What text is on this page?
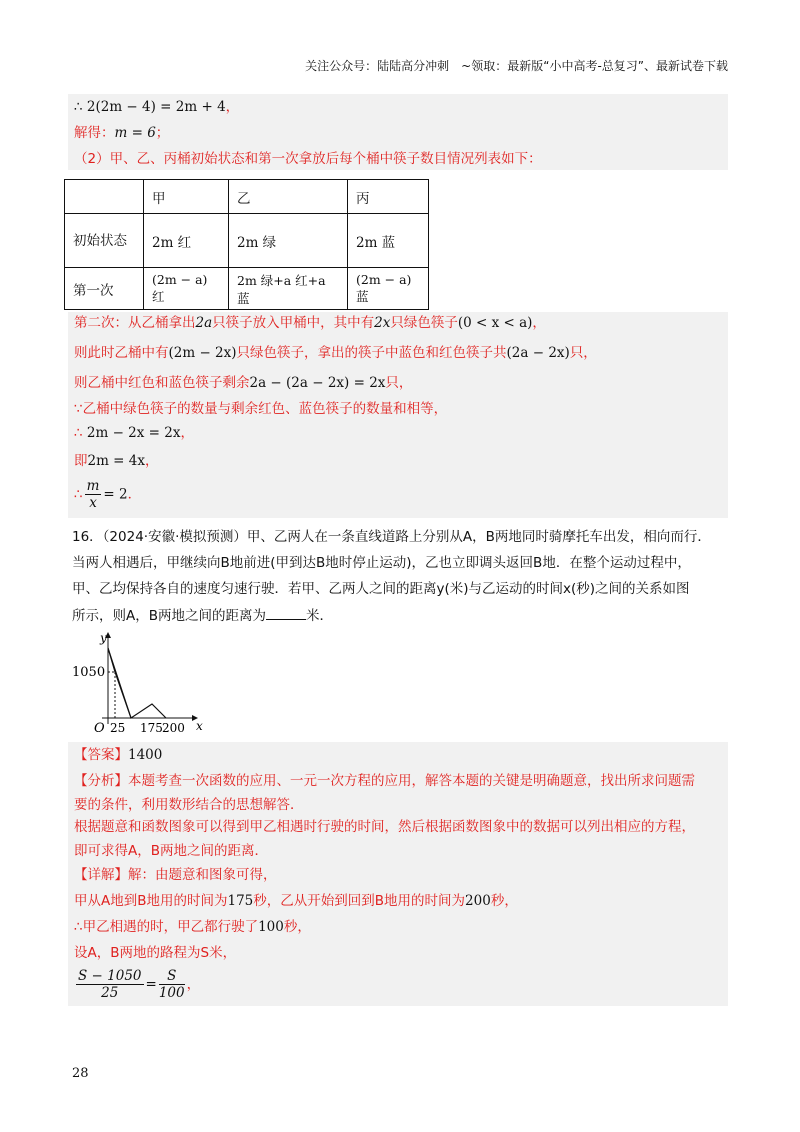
关注公众号：陆陆高分冲刺　~领取：最新版“小中高考-总复习”、最新试卷下载
∴ 2(2m − 4) = 2m + 4，
解得：m = 6；
（2）甲、乙、丙桶初始状态和第一次拿放后每个桶中筷子数目情况列表如下：
	甲	乙	丙
初始状态	2m 红	2m 绿	2m 蓝
第一次	(2m − a) 红	2m 绿+a 红+a 蓝	(2m − a) 蓝
第二次：从乙桶拿出2a只筷子放入甲桶中，其中有2x只绿色筷子(0 < x < a)，
则此时乙桶中有(2m − 2x)只绿色筷子，拿出的筷子中蓝色和红色筷子共(2a − 2x)只，
则乙桶中红色和蓝色筷子剩余2a − (2a − 2x) = 2x只，
∵乙桶中绿色筷子的数量与剩余红色、蓝色筷子的数量和相等，
∴ 2m − 2x = 2x，
即2m = 4x，
∴ $\frac{m}{x} = 2$．
16．（2024·安徽·模拟预测）甲、乙两人在一条直线道路上分别从A，B两地同时骑摩托车出发，相向而行．
当两人相遇后，甲继续向B地前进(甲到达B地时停止运动)，乙也立即调头返回B地．在整个运动过程中，
甲、乙均保持各自的速度匀速行驶．若甲、乙两人之间的距离y(米)与乙运动的时间x(秒)之间的关系如图
所示，则A，B两地之间的距离为	米．
y
x
O
1050
25 175 200
【答案】1400
【分析】本题考查一次函数的应用、一元一次方程的应用，解答本题的关键是明确题意，找出所求问题需
要的条件，利用数形结合的思想解答．
根据题意和函数图象可以得到甲乙相遇时行驶的时间，然后根据函数图象中的数据可以列出相应的方程，
即可求得A，B两地之间的距离．
【详解】解：由题意和图象可得，
甲从A地到B地用的时间为175秒，乙从开始到回到B地用的时间为200秒，
∴甲乙相遇的时，甲乙都行驶了100秒，
设A，B两地的路程为S米，
$\frac{S - 1050}{25} = \frac{S}{100}$ ，
28
